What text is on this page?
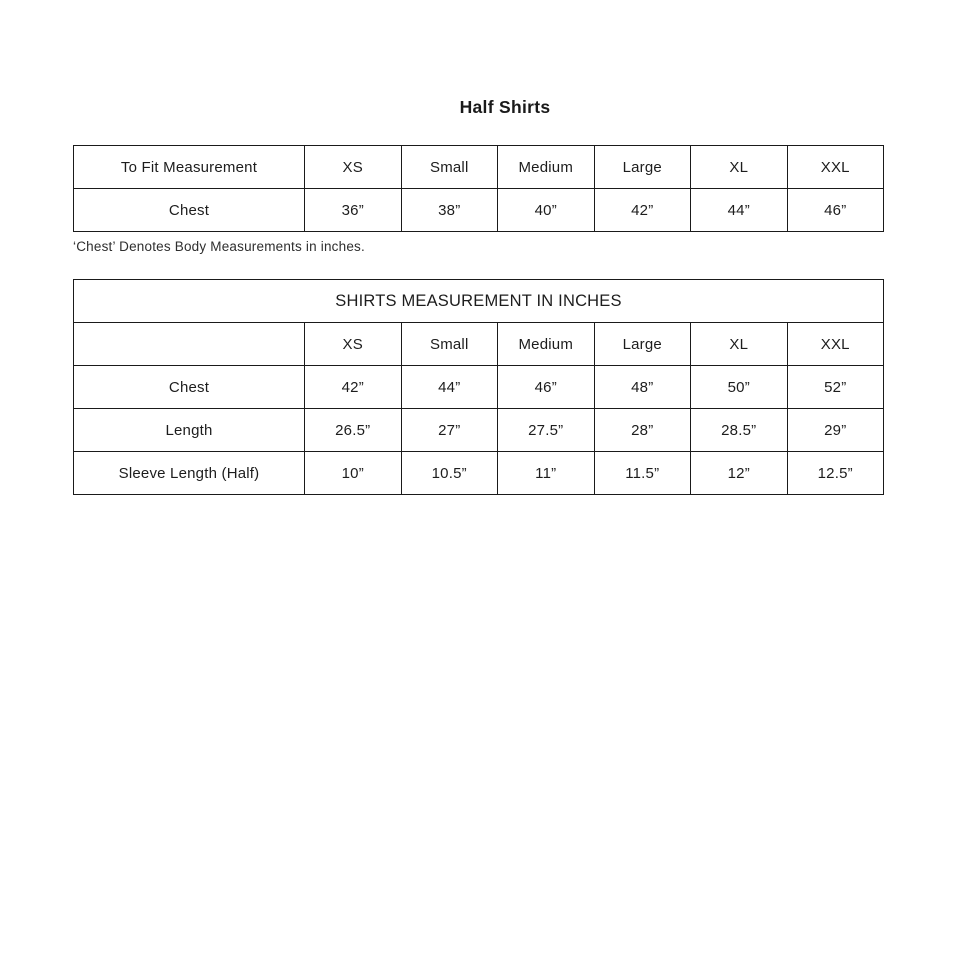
Half Shirts
To Fit Measurement	XS	Small	Medium	Large	XL	XXL
Chest	36”	38”	40”	42”	44”	46”

‘Chest’ Denotes Body Measurements in inches.

SHIRTS MEASUREMENT IN INCHES						
	XS	Small	Medium	Large	XL	XXL
Chest	42”	44”	46”	48”	50”	52”
Length	26.5”	27”	27.5”	28”	28.5”	29”
Sleeve Length (Half)	10”	10.5”	11”	11.5”	12”	12.5”
